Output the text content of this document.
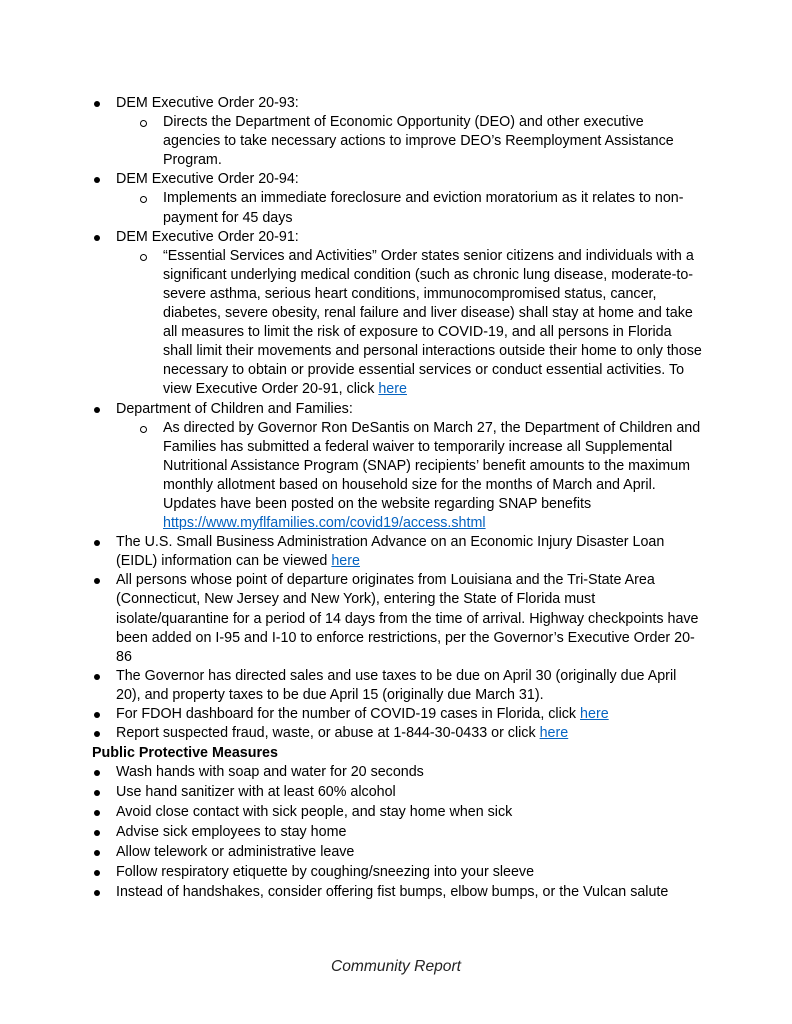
DEM Executive Order 20-93:
Directs the Department of Economic Opportunity (DEO) and other executive agencies to take necessary actions to improve DEO’s Reemployment Assistance Program.
DEM Executive Order 20-94:
Implements an immediate foreclosure and eviction moratorium as it relates to non-payment for 45 days
DEM Executive Order 20-91:
“Essential Services and Activities” Order states senior citizens and individuals with a significant underlying medical condition (such as chronic lung disease, moderate-to-severe asthma, serious heart conditions, immunocompromised status, cancer, diabetes, severe obesity, renal failure and liver disease) shall stay at home and take all measures to limit the risk of exposure to COVID-19, and all persons in Florida shall limit their movements and personal interactions outside their home to only those necessary to obtain or provide essential services or conduct essential activities. To view Executive Order 20-91, click here
Department of Children and Families:
As directed by Governor Ron DeSantis on March 27, the Department of Children and Families has submitted a federal waiver to temporarily increase all Supplemental Nutritional Assistance Program (SNAP) recipients’ benefit amounts to the maximum monthly allotment based on household size for the months of March and April. Updates have been posted on the website regarding SNAP benefits
https://www.myflfamilies.com/covid19/access.shtml
The U.S. Small Business Administration Advance on an Economic Injury Disaster Loan (EIDL) information can be viewed here
All persons whose point of departure originates from Louisiana and the Tri-State Area (Connecticut, New Jersey and New York), entering the State of Florida must isolate/quarantine for a period of 14 days from the time of arrival. Highway checkpoints have been added on I-95 and I-10 to enforce restrictions, per the Governor’s Executive Order 20-86
The Governor has directed sales and use taxes to be due on April 30 (originally due April 20), and property taxes to be due April 15 (originally due March 31).
For FDOH dashboard for the number of COVID-19 cases in Florida, click here
Report suspected fraud, waste, or abuse at 1-844-30-0433 or click here
Public Protective Measures
Wash hands with soap and water for 20 seconds
Use hand sanitizer with at least 60% alcohol
Avoid close contact with sick people, and stay home when sick
Advise sick employees to stay home
Allow telework or administrative leave
Follow respiratory etiquette by coughing/sneezing into your sleeve
Instead of handshakes, consider offering fist bumps, elbow bumps, or the Vulcan salute
Community Report
